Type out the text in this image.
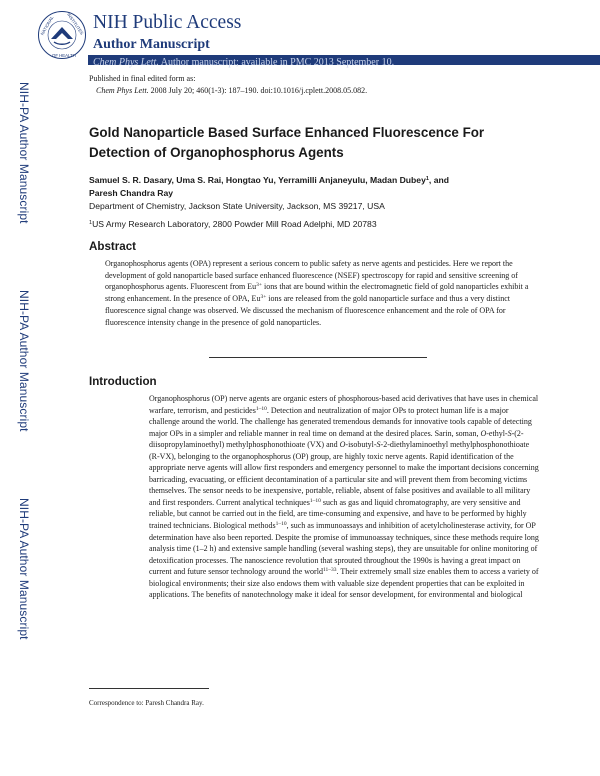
NATIONAL	INSTITUTES
OF HEALTH
NIH Public Access
Author Manuscript
Chem Phys Lett. Author manuscript; available in PMC 2013 September 10.
Published in final edited form as:
Chem Phys Lett. 2008 July 20; 460(1-3): 187–190. doi:10.1016/j.cplett.2008.05.082.
NIH-PA Author Manuscript
NIH-PA Author Manuscript
NIH-PA Author Manuscript
Gold Nanoparticle Based Surface Enhanced Fluorescence For Detection of Organophosphorus Agents
Samuel S. R. Dasary, Uma S. Rai, Hongtao Yu, Yerramilli Anjaneyulu, Madan Dubey$^1$, and
Paresh Chandra Ray
Department of Chemistry, Jackson State University, Jackson, MS 39217, USA
$^1$US Army Research Laboratory, 2800 Powder Mill Road Adelphi, MD 20783
Abstract
Organophosphorus agents (OPA) represent a serious concern to public safety as nerve agents and pesticides. Here we report the development of gold nanoparticle based surface enhanced fluorescence (NSEF) spectroscopy for rapid and sensitive screening of organophosphorus agents. Fluorescent from $Eu^{3+}$ ions that are bound within the electromagnetic field of gold nanoparticles exhibit a strong enhancement. In the presence of OPA, $Eu^{3+}$ ions are released from the gold nanoparticle surface and thus a very distinct fluorescence signal change was observed. We discussed the mechanism of fluorescence enhancement and the role of OPA for fluorescence intensity change in the presence of gold nanoparticles.
Introduction
Organophosphorus (OP) nerve agents are organic esters of phosphorous-based acid derivatives that have uses in chemical warfare, terrorism, and pesticides$^{1-10}$. Detection and neutralization of major OPs to protect human life is a major challenge around the world. The challenge has generated tremendous demands for innovative tools capable of detecting major OPs in a simpler and reliable manner in real time on demand at the desired places. Sarin, soman, O-ethyl-S-(2-diisopropylaminoethyl) methylphosphonothioate (VX) and O-isobutyl-S-2-diethylaminoethyl methylphosphonothioate (R-VX), belonging to the organophosphorus (OP) group, are highly toxic nerve agents. Rapid identification of the appropriate nerve agents will allow first responders and emergency personnel to make the important decisions concerning barricading, evacuating, or efficient decontamination of a particular site and will prevent them from becoming victims themselves. The sensor needs to be inexpensive, portable, reliable, absent of false positives and available to all military and first responders. Current analytical techniques$^{1-10}$ such as gas and liquid chromatography, are very sensitive and reliable, but cannot be carried out in the field, are time-consuming and expensive, and have to be performed by highly trained technicians. Biological methods$^{1-10}$, such as immunoassays and inhibition of acetylcholinesterase activity, for OP determination have also been reported. Despite the promise of immunoassay techniques, since these methods require long analysis time (1–2 h) and extensive sample handling (several washing steps), they are unsuitable for online monitoring of detoxification processes. The nanoscience revolution that sprouted throughout the 1990s is having a great impact on current and future sensor technology around the world$^{11-33}$. Their extremely small size enables them to access a variety of biological environments; their size also endows them with valuable size dependent properties that can be exploited in applications. The benefits of nanotechnology make it ideal for sensor development, for environmental and biological
Correspondence to: Paresh Chandra Ray.
